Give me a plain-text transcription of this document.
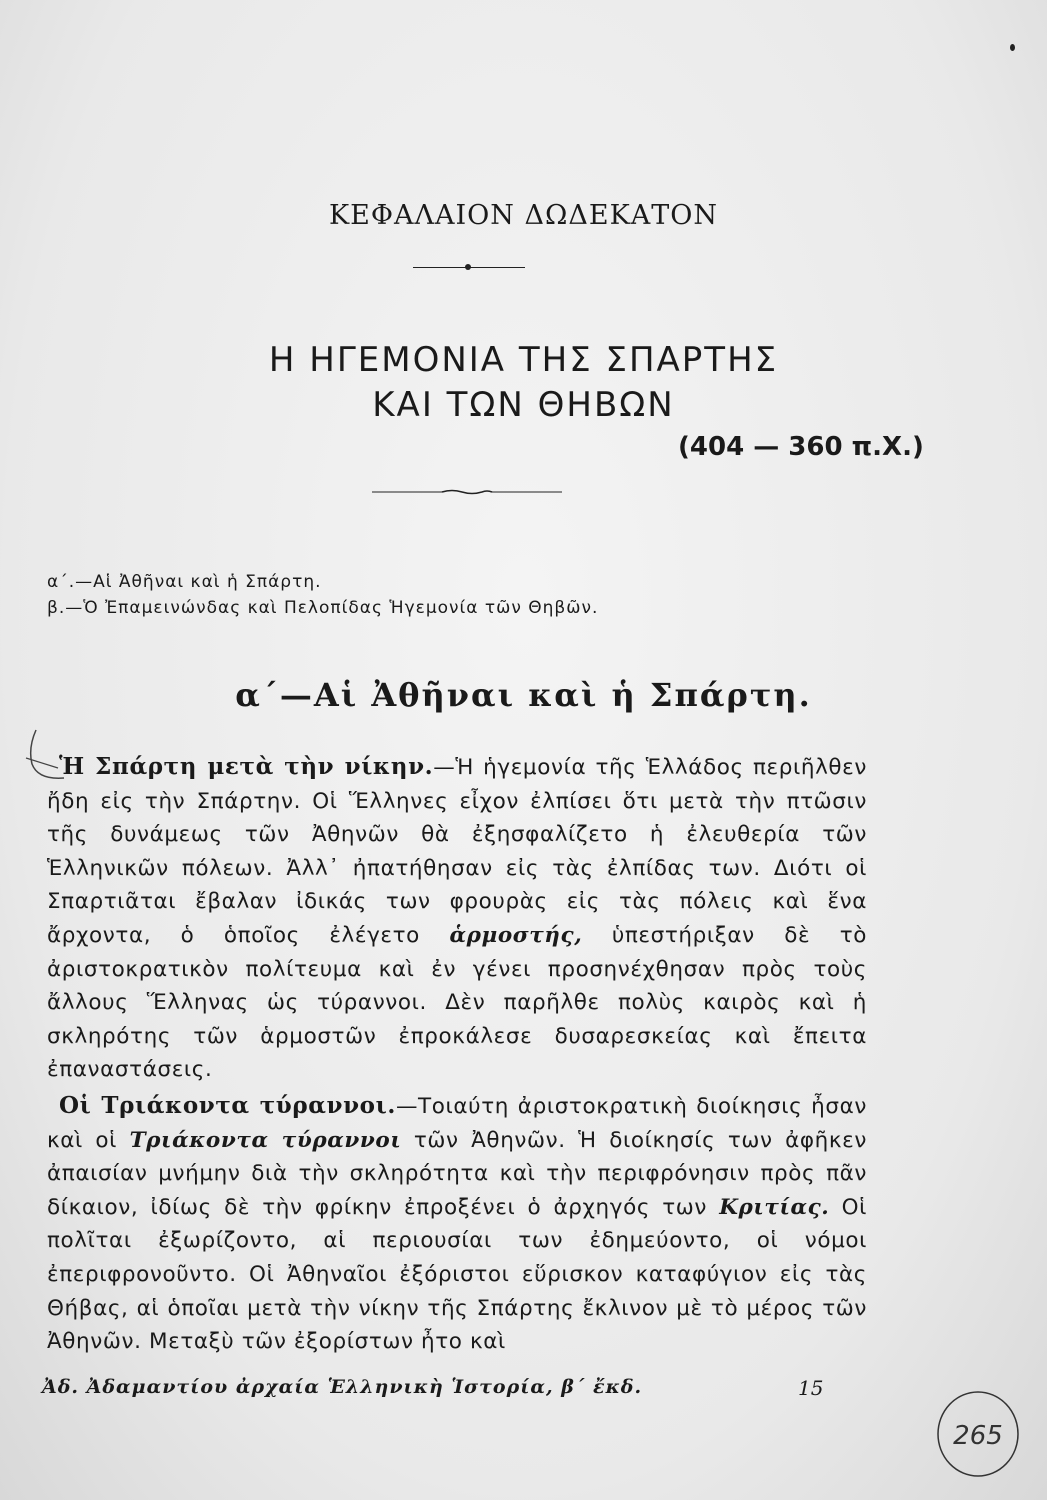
ΚΕΦΑΛΑΙΟΝ ΔΩΔΕΚΑΤΟΝ
Η ΗΓΕΜΟΝΙΑ ΤΗΣ ΣΠΑΡΤΗΣ
ΚΑΙ ΤΩΝ ΘΗΒΩΝ
(404 — 360 π.Χ.)
α΄.—Αἱ Ἀθῆναι καὶ ἡ Σπάρτη.
β.—Ὁ Ἐπαμεινώνδας καὶ Πελοπίδας Ἡγεμονία τῶν Θηβῶν.
α΄—Αἱ Ἀθῆναι καὶ ἡ Σπάρτη.

Ἡ Σπάρτη μετὰ τὴν νίκην.—Ἡ ἡγεμονία τῆς Ἑλλάδος περιῆλθεν ἤδη εἰς τὴν Σπάρτην. Οἱ Ἕλληνες εἶχον ἐλπίσει ὅτι μετὰ τὴν πτῶσιν τῆς δυνάμεως τῶν Ἀθηνῶν θὰ ἐξησφαλίζετο ἡ ἐλευθερία τῶν Ἑλληνικῶν πόλεων. Ἀλλ᾽ ἠπατήθησαν εἰς τὰς ἐλπίδας των. Διότι οἱ Σπαρτιᾶται ἔβαλαν ἰδικάς των φρουρὰς εἰς τὰς πόλεις καὶ ἕνα ἄρχοντα, ὁ ὁποῖος ἐλέγετο ἁρμοστής, ὑπεστήριξαν δὲ τὸ ἀριστοκρατικὸν πολίτευμα καὶ ἐν γένει προσηνέχθησαν πρὸς τοὺς ἄλλους Ἕλληνας ὡς τύραννοι. Δὲν παρῆλθε πολὺς καιρὸς καὶ ἡ σκληρότης τῶν ἁρμοστῶν ἐπροκάλεσε δυσαρεσκείας καὶ ἔπειτα ἐπαναστάσεις.

Οἱ Τριάκοντα τύραννοι.—Τοιαύτη ἀριστοκρατικὴ διοίκησις ἦσαν καὶ οἱ Τριάκοντα τύραννοι τῶν Ἀθηνῶν. Ἡ διοίκησίς των ἀφῆκεν ἀπαισίαν μνήμην διὰ τὴν σκληρότητα καὶ τὴν περιφρόνησιν πρὸς πᾶν δίκαιον, ἰδίως δὲ τὴν φρίκην ἐπροξένει ὁ ἀρχηγός των Κριτίας. Οἱ πολῖται ἐξωρίζοντο, αἱ περιουσίαι των ἐδημεύοντο, οἱ νόμοι ἐπεριφρονοῦντο. Οἱ Ἀθηναῖοι ἐξόριστοι εὕρισκον καταφύγιον εἰς τὰς Θήβας, αἱ ὁποῖαι μετὰ τὴν νίκην τῆς Σπάρτης ἔκλινον μὲ τὸ μέρος τῶν Ἀθηνῶν. Μεταξὺ τῶν ἐξορίστων ἦτο καὶ

Ἀδ. Ἀδαμαντίου ἀρχαία Ἑλληνικὴ Ἱστορία, β΄ ἔκδ.	15
265
